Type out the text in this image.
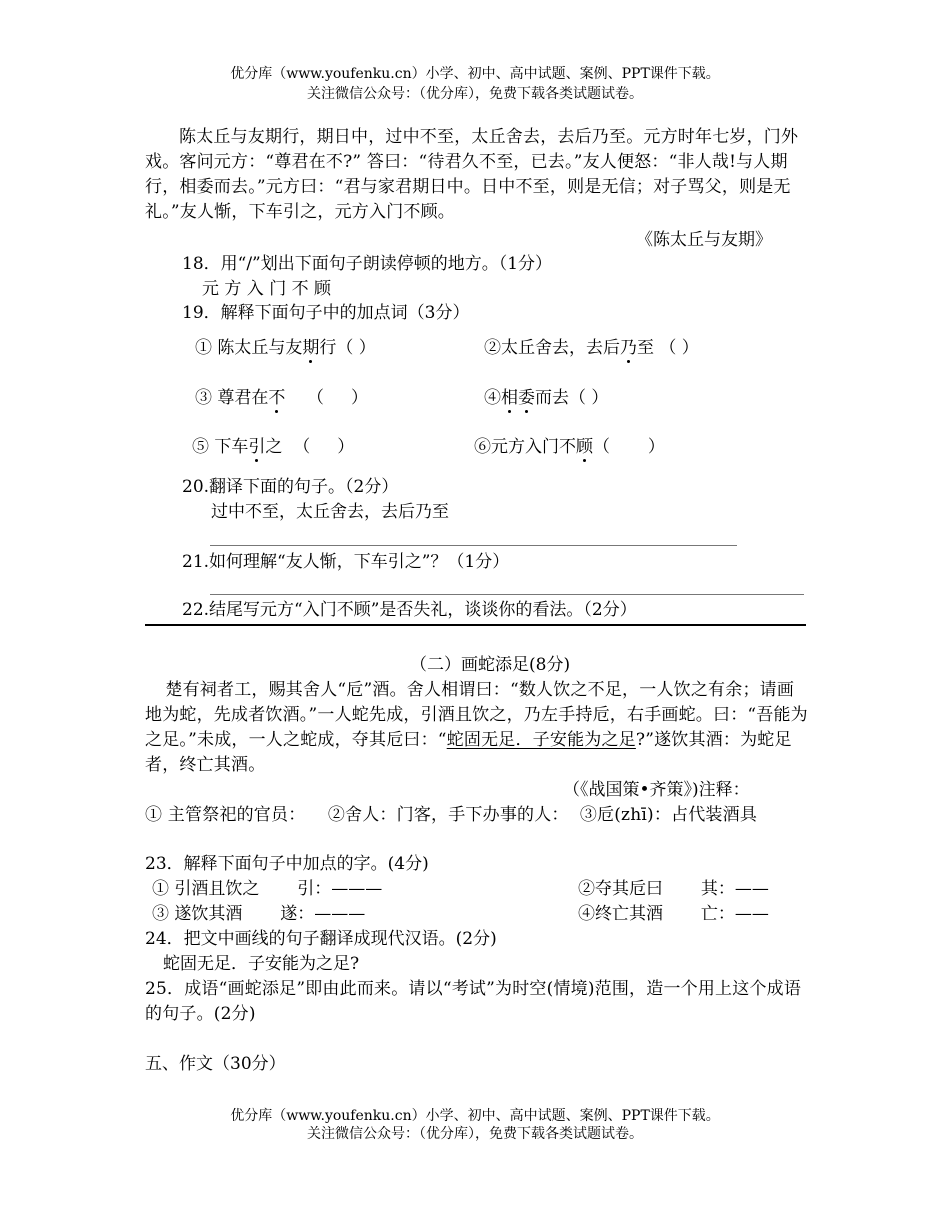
优分库（www.youfenku.cn）小学、初中、高中试题、案例、PPT课件下载。
关注微信公众号：（优分库），免费下载各类试题试卷。
陈太丘与友期行，期日中，过中不至，太丘舍去，去后乃至。元方时年七岁，门外戏。客问元方：“尊君在不?” 答曰：“待君久不至，已去。”友人便怒：“非人哉!与人期行，相委而去。”元方曰：“君与家君期日中。日中不至，则是无信；对子骂父，则是无礼。”友人惭，下车引之，元方入门不顾。
《陈太丘与友期》
18．用“/”划出下面句子朗读停顿的地方。（1分）
元 方 入 门 不 顾
19．解释下面句子中的加点词（3分）
① 陈太丘与友期行（ ）	②太丘舍去，去后乃至 （ ）
③ 尊君在不    （     ）	④相委而去（ ）
⑤ 下车引之  （     ）	⑥元方入门不顾（       ）
20.翻译下面的句子。（2分）
过中不至，太丘舍去，去后乃至
21.如何理解“友人惭，下车引之”？（1分）
22.结尾写元方“入门不顾”是否失礼，谈谈你的看法。（2分）
（二）画蛇添足(8分)
楚有祠者工，赐其舍人“卮”酒。舍人相谓曰：“数人饮之不足，一人饮之有余；请画地为蛇，先成者饮酒。”一人蛇先成，引酒且饮之，乃左手持卮，右手画蛇。曰：“吾能为之足。”未成，一人之蛇成，夺其卮曰：“蛇固无足．子安能为之足?”遂饮其酒：为蛇足者，终亡其酒。
（《战国策•齐策》)注释：
① 主管祭祀的官员：    ②舍人：门客，手下办事的人：  ③卮(zhī)：占代装酒具
23．解释下面句子中加点的字。(4分)
① 引酒且饮之       引：———	②夺其卮曰       其：——
③ 遂饮其酒       遂：———	④终亡其酒       亡：——
24．把文中画线的句子翻译成现代汉语。(2分)
蛇固无足．子安能为之足?
25．成语“画蛇添足”即由此而来。请以“考试”为时空(情境)范围，造一个用上这个成语的句子。(2分)
五、作文（30分）
优分库（www.youfenku.cn）小学、初中、高中试题、案例、PPT课件下载。
关注微信公众号：（优分库），免费下载各类试题试卷。
